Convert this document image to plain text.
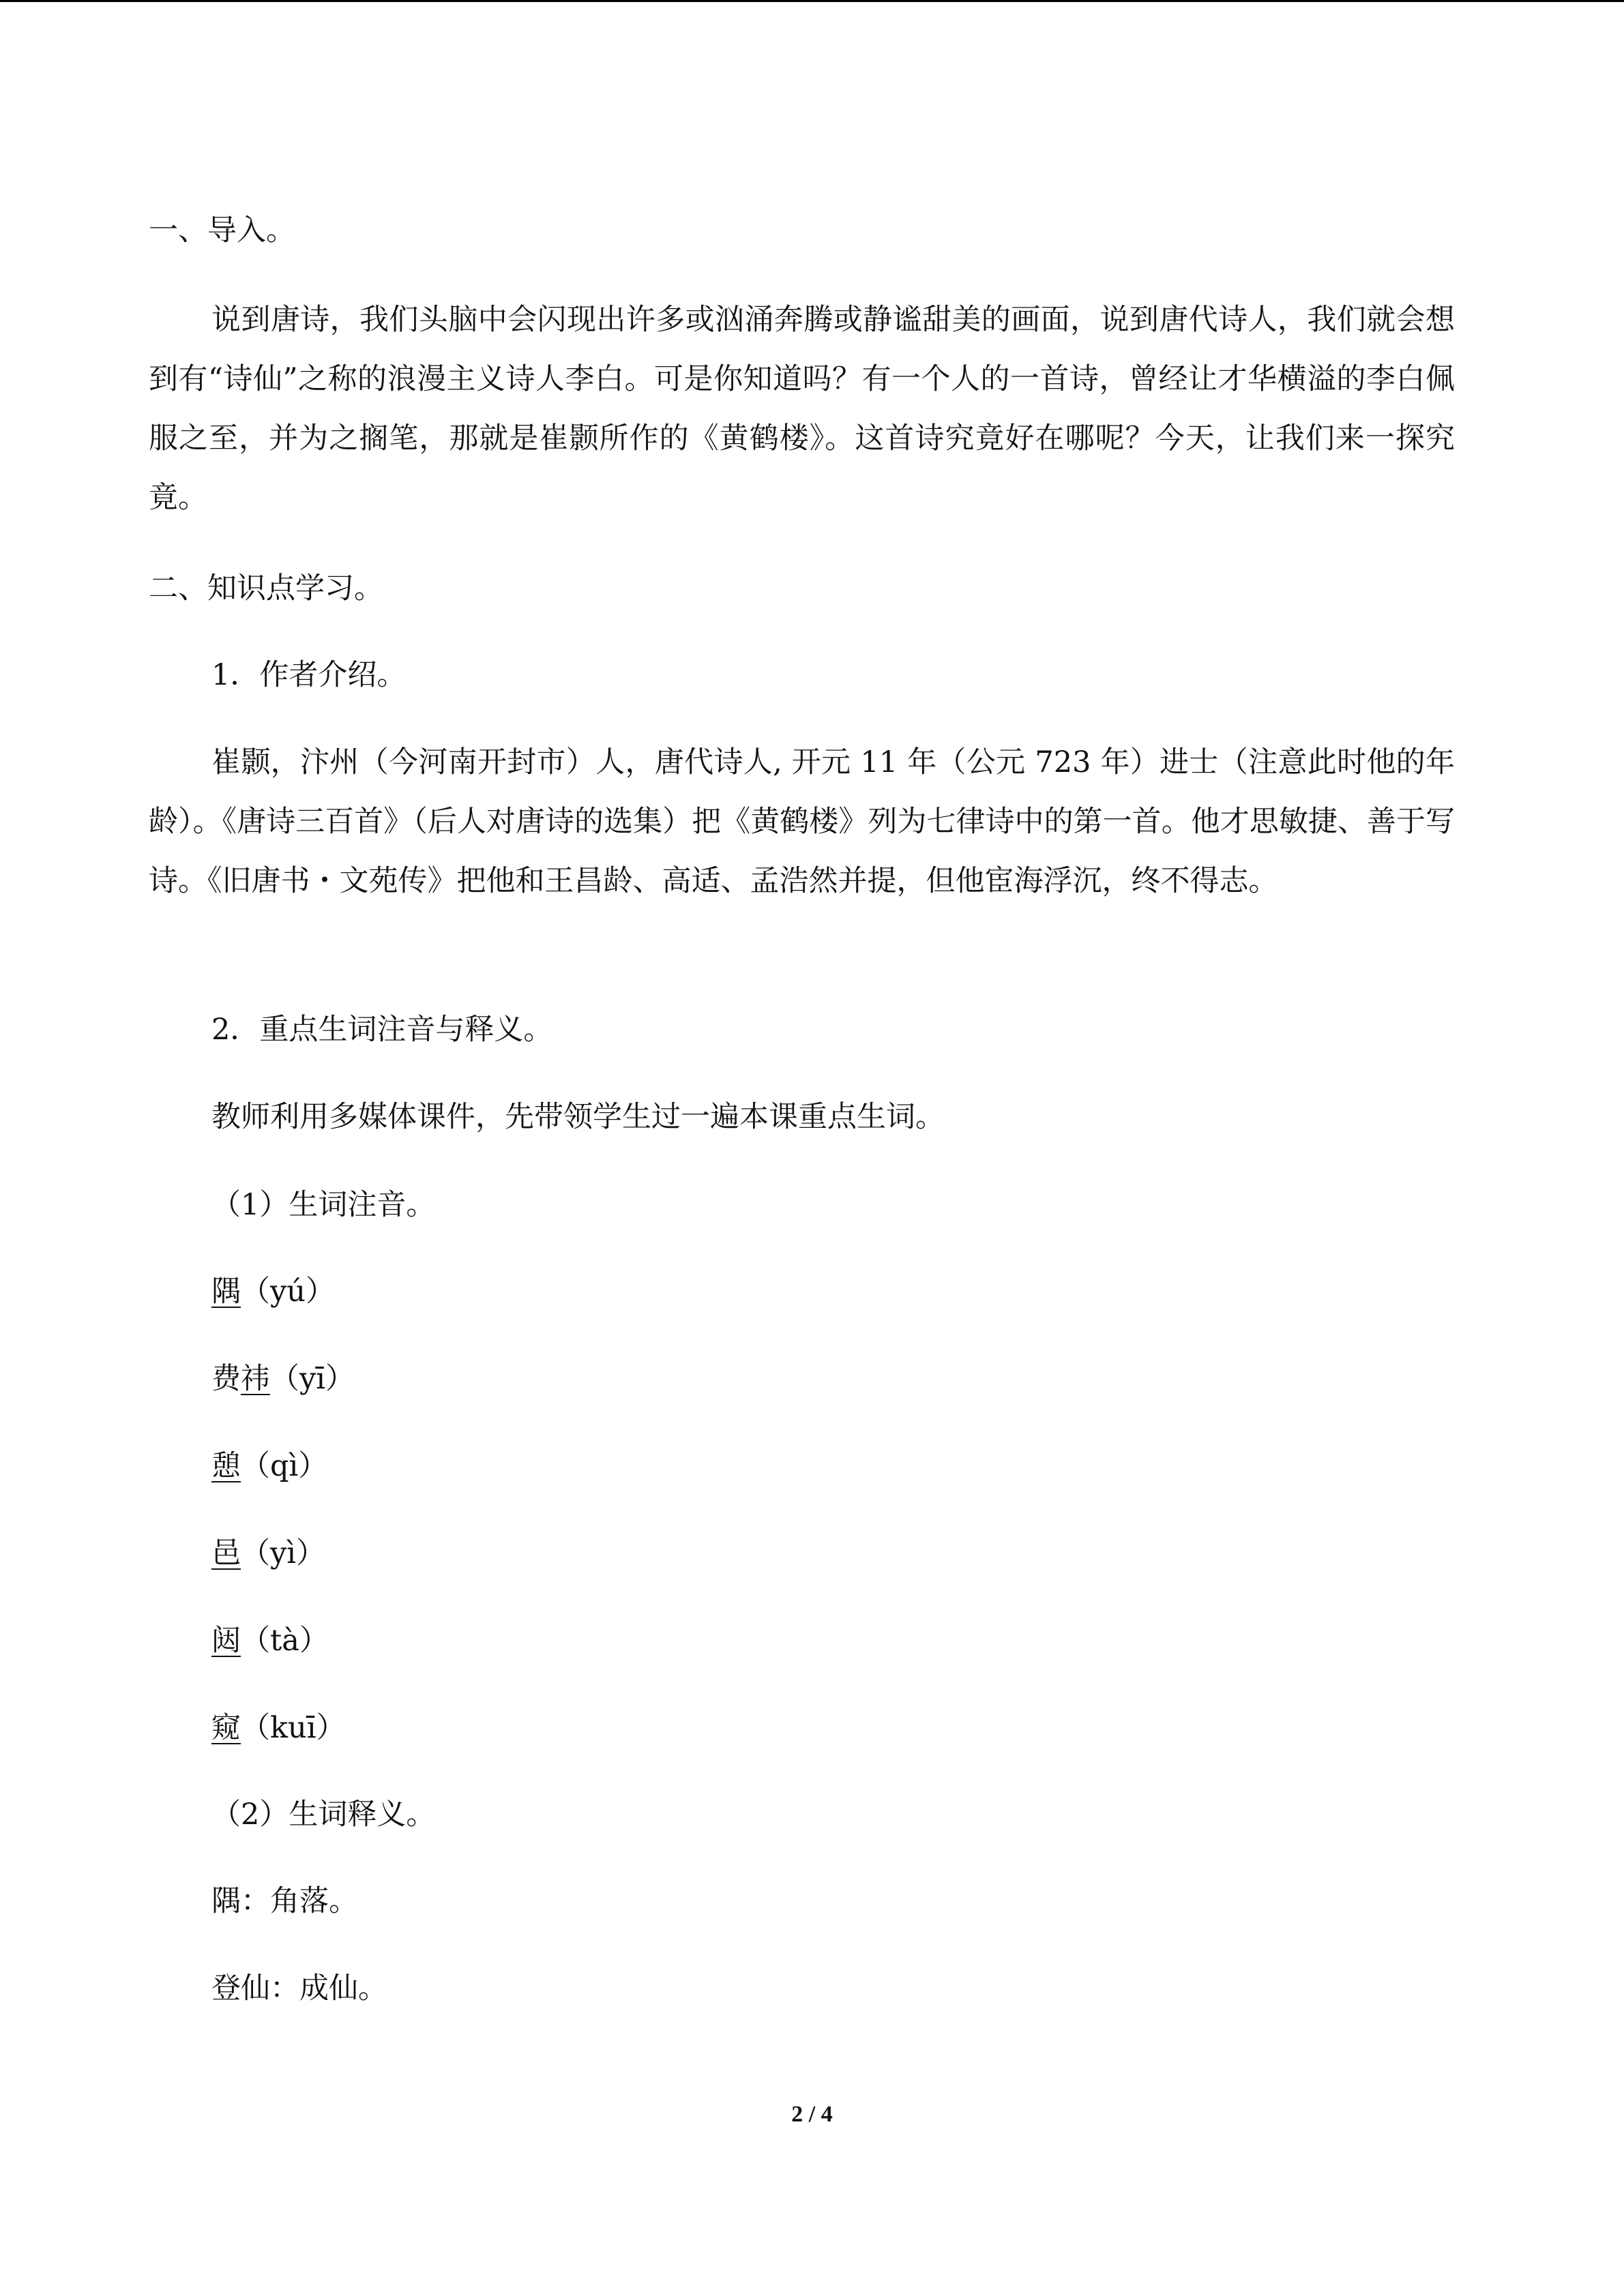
一、导入。
说到唐诗，我们头脑中会闪现出许多或汹涌奔腾或静谧甜美的画面，说到唐代诗人，我们就会想到有“诗仙”之称的浪漫主义诗人李白。可是你知道吗？有一个人的一首诗，曾经让才华横溢的李白佩服之至，并为之搁笔，那就是崔颢所作的《黄鹤楼》。这首诗究竟好在哪呢？今天，让我们来一探究竟。
二、知识点学习。
1．作者介绍。
崔颢，汴州（今河南开封市）人，唐代诗人, 开元 11 年（公元 723 年）进士（注意此时他的年龄）。《唐诗三百首》（后人对唐诗的选集）把《黄鹤楼》列为七律诗中的第一首。他才思敏捷、善于写诗。《旧唐书・文苑传》把他和王昌龄、高适、孟浩然并提，但他宦海浮沉，终不得志。
2．重点生词注音与释义。
教师利用多媒体课件，先带领学生过一遍本课重点生词。
（1）生词注音。
隅（yú）
费祎（yī）
憩（qì）
邑（yì）
闼（tà）
窥（kuī）
（2）生词释义。
隅：角落。
登仙：成仙。
2 / 4
